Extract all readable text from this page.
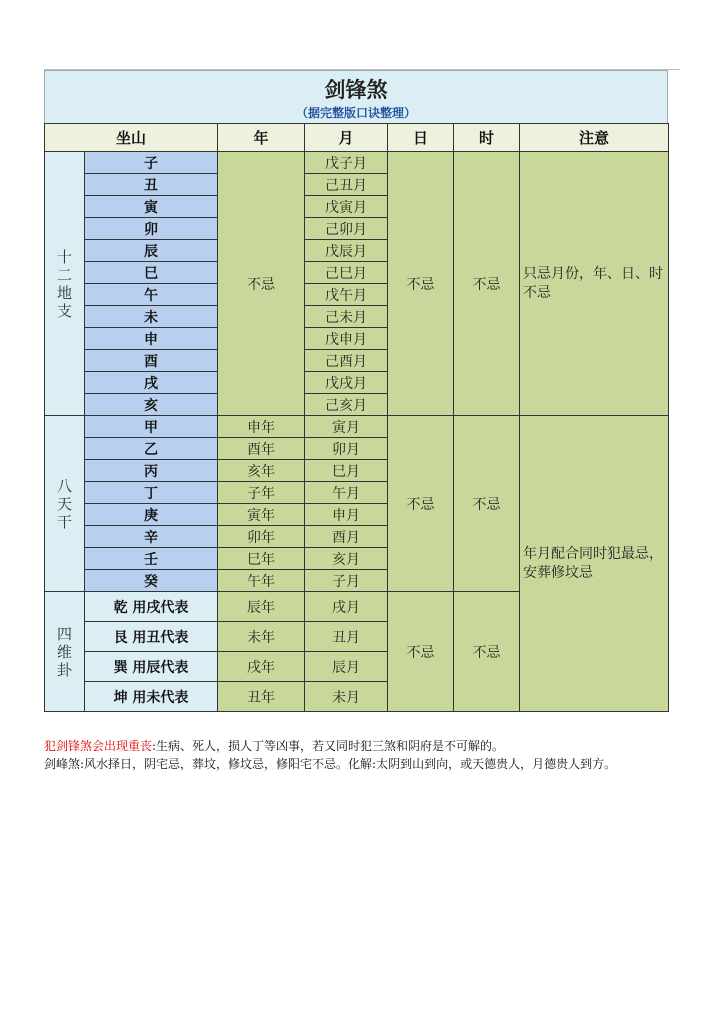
剑锋煞
（据完整版口诀整理）
坐山		年	月	日	时	注意
十
二
地
支	子	不忌	戊子月	不忌	不忌	只忌月份，年、日、时不忌
	丑		己丑月			
	寅		戊寅月			
	卯		己卯月			
	辰		戊辰月			
	巳		己巳月			
	午		戊午月			
	未		己未月			
	申		戊申月			
	酉		己酉月			
	戌		戊戌月			
	亥		己亥月			
八
天
干	甲	申年	寅月	不忌	不忌	年月配合同时犯最忌，安葬修坟忌
	乙	酉年	卯月			
	丙	亥年	巳月			
	丁	子年	午月			
	庚	寅年	申月			
	辛	卯年	酉月			
	壬	巳年	亥月			
	癸	午年	子月			
四
维
卦	乾 用戌代表	辰年	戌月	不忌	不忌	
	艮 用丑代表	未年	丑月			
	巽 用辰代表	戌年	辰月			
	坤 用未代表	丑年	未月			
犯剑锋煞会出现重丧:生病、死人，损人丁等凶事，若又同时犯三煞和阴府是不可解的。
剑峰煞:风水择日，阴宅忌，葬坟，修坟忌，修阳宅不忌。化解:太阴到山到向，或天德贵人，月德贵人到方。
